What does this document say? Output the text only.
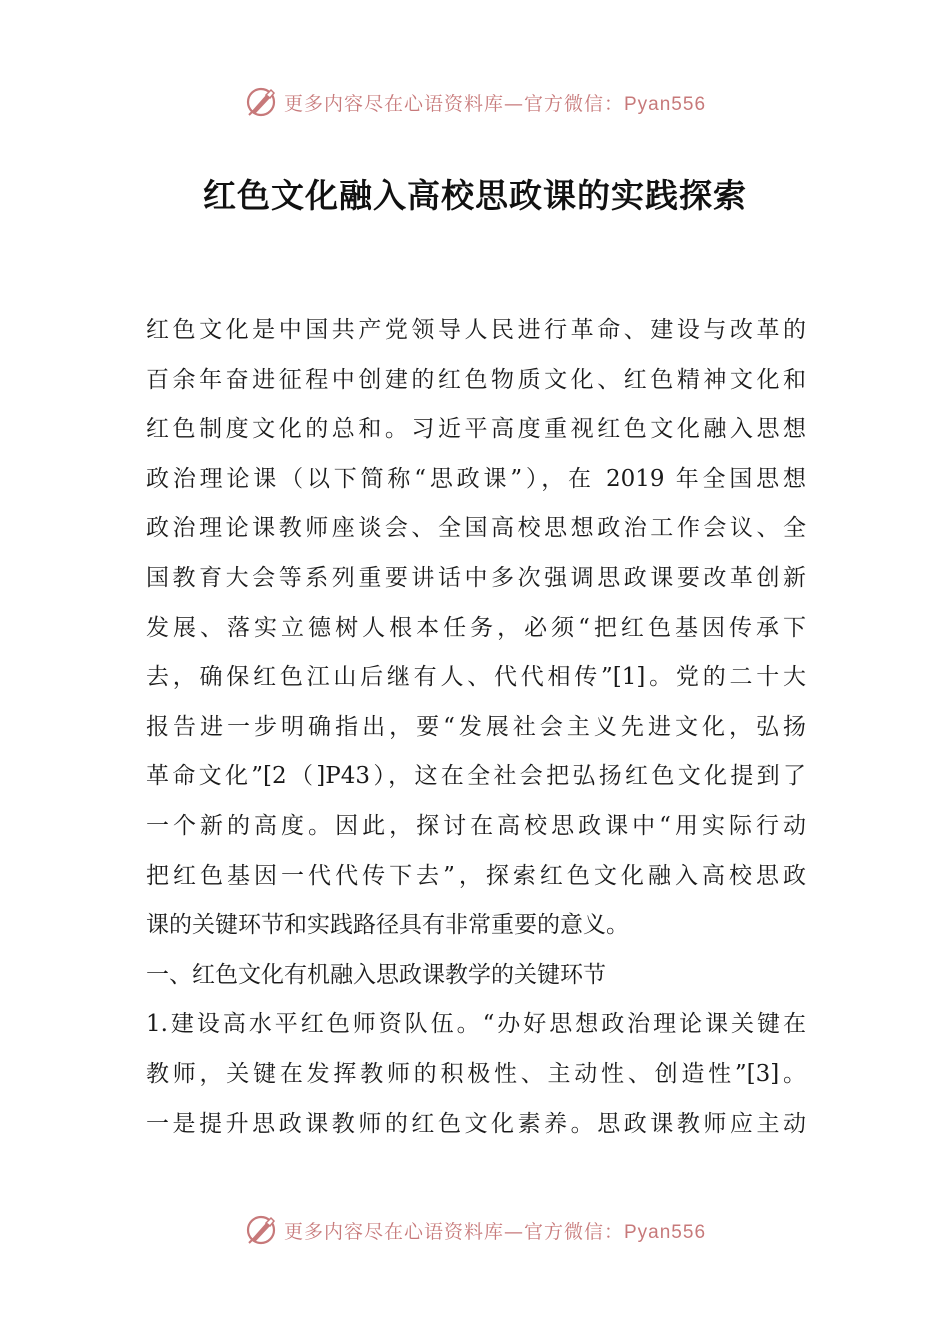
更多内容尽在心语资料库—官方微信：Pyan556
红色文化融入高校思政课的实践探索
红色文化是中国共产党领导人民进行革命、建设与改革的
百余年奋进征程中创建的红色物质文化、红色精神文化和
红色制度文化的总和。习近平高度重视红色文化融入思想
政治理论课（以下简称“思政课”），在 2019 年全国思想
政治理论课教师座谈会、全国高校思想政治工作会议、全
国教育大会等系列重要讲话中多次强调思政课要改革创新
发展、落实立德树人根本任务，必须“把红色基因传承下
去，确保红色江山后继有人、代代相传”[1]。党的二十大
报告进一步明确指出，要“发展社会主义先进文化，弘扬
革命文化”[2（]P43），这在全社会把弘扬红色文化提到了
一个新的高度。因此，探讨在高校思政课中“用实际行动
把红色基因一代代传下去”，探索红色文化融入高校思政
课的关键环节和实践路径具有非常重要的意义。
一、红色文化有机融入思政课教学的关键环节
1.建设高水平红色师资队伍。“办好思想政治理论课关键在
教师，关键在发挥教师的积极性、主动性、创造性”[3]。
一是提升思政课教师的红色文化素养。思政课教师应主动
更多内容尽在心语资料库—官方微信：Pyan556
